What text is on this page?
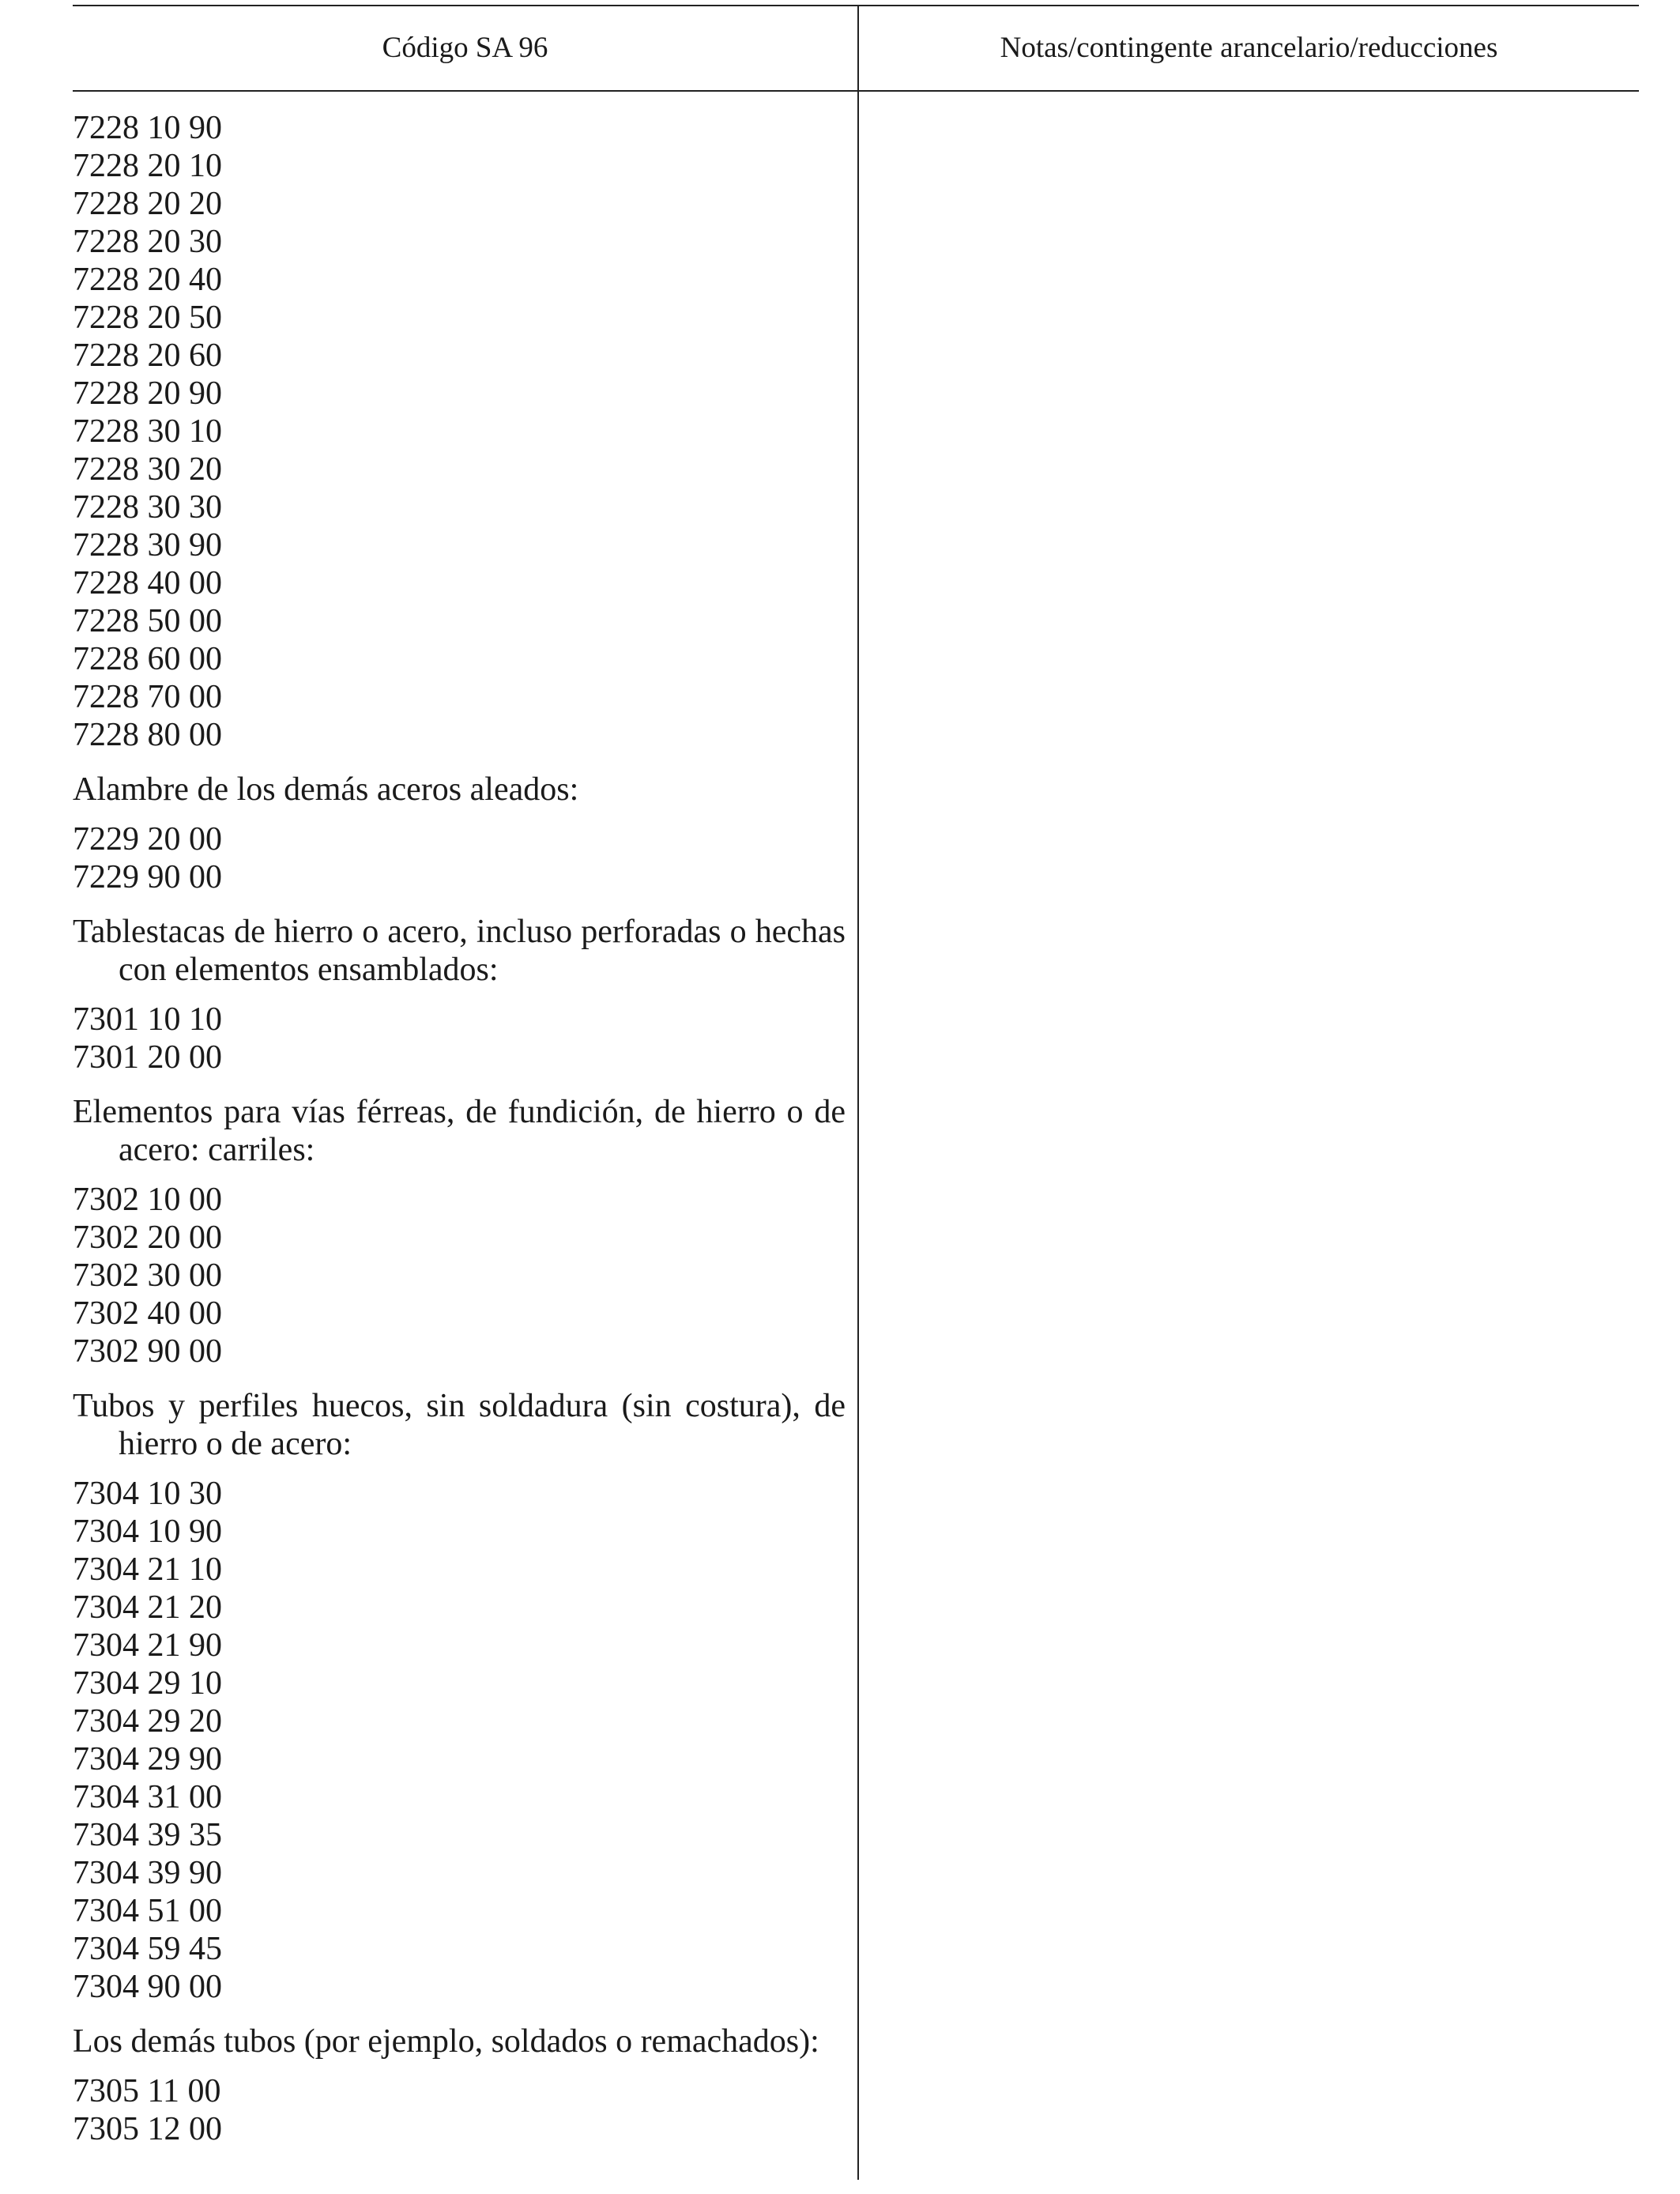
Código SA 96	Notas/contingente arancelario/reducciones
7228 10 90
7228 20 10
7228 20 20
7228 20 30
7228 20 40
7228 20 50
7228 20 60
7228 20 90
7228 30 10
7228 30 20
7228 30 30
7228 30 90
7228 40 00
7228 50 00
7228 60 00
7228 70 00
7228 80 00
Alambre de los demás aceros aleados:
7229 20 00
7229 90 00
Tablestacas de hierro o acero, incluso perforadas o hechas con elementos ensamblados:
7301 10 10
7301 20 00
Elementos para vías férreas, de fundición, de hierro o de acero: carriles:
7302 10 00
7302 20 00
7302 30 00
7302 40 00
7302 90 00
Tubos y perfiles huecos, sin soldadura (sin costura), de hierro o de acero:
7304 10 30
7304 10 90
7304 21 10
7304 21 20
7304 21 90
7304 29 10
7304 29 20
7304 29 90
7304 31 00
7304 39 35
7304 39 90
7304 51 00
7304 59 45
7304 90 00
Los demás tubos (por ejemplo, soldados o remachados):
7305 11 00
7305 12 00
